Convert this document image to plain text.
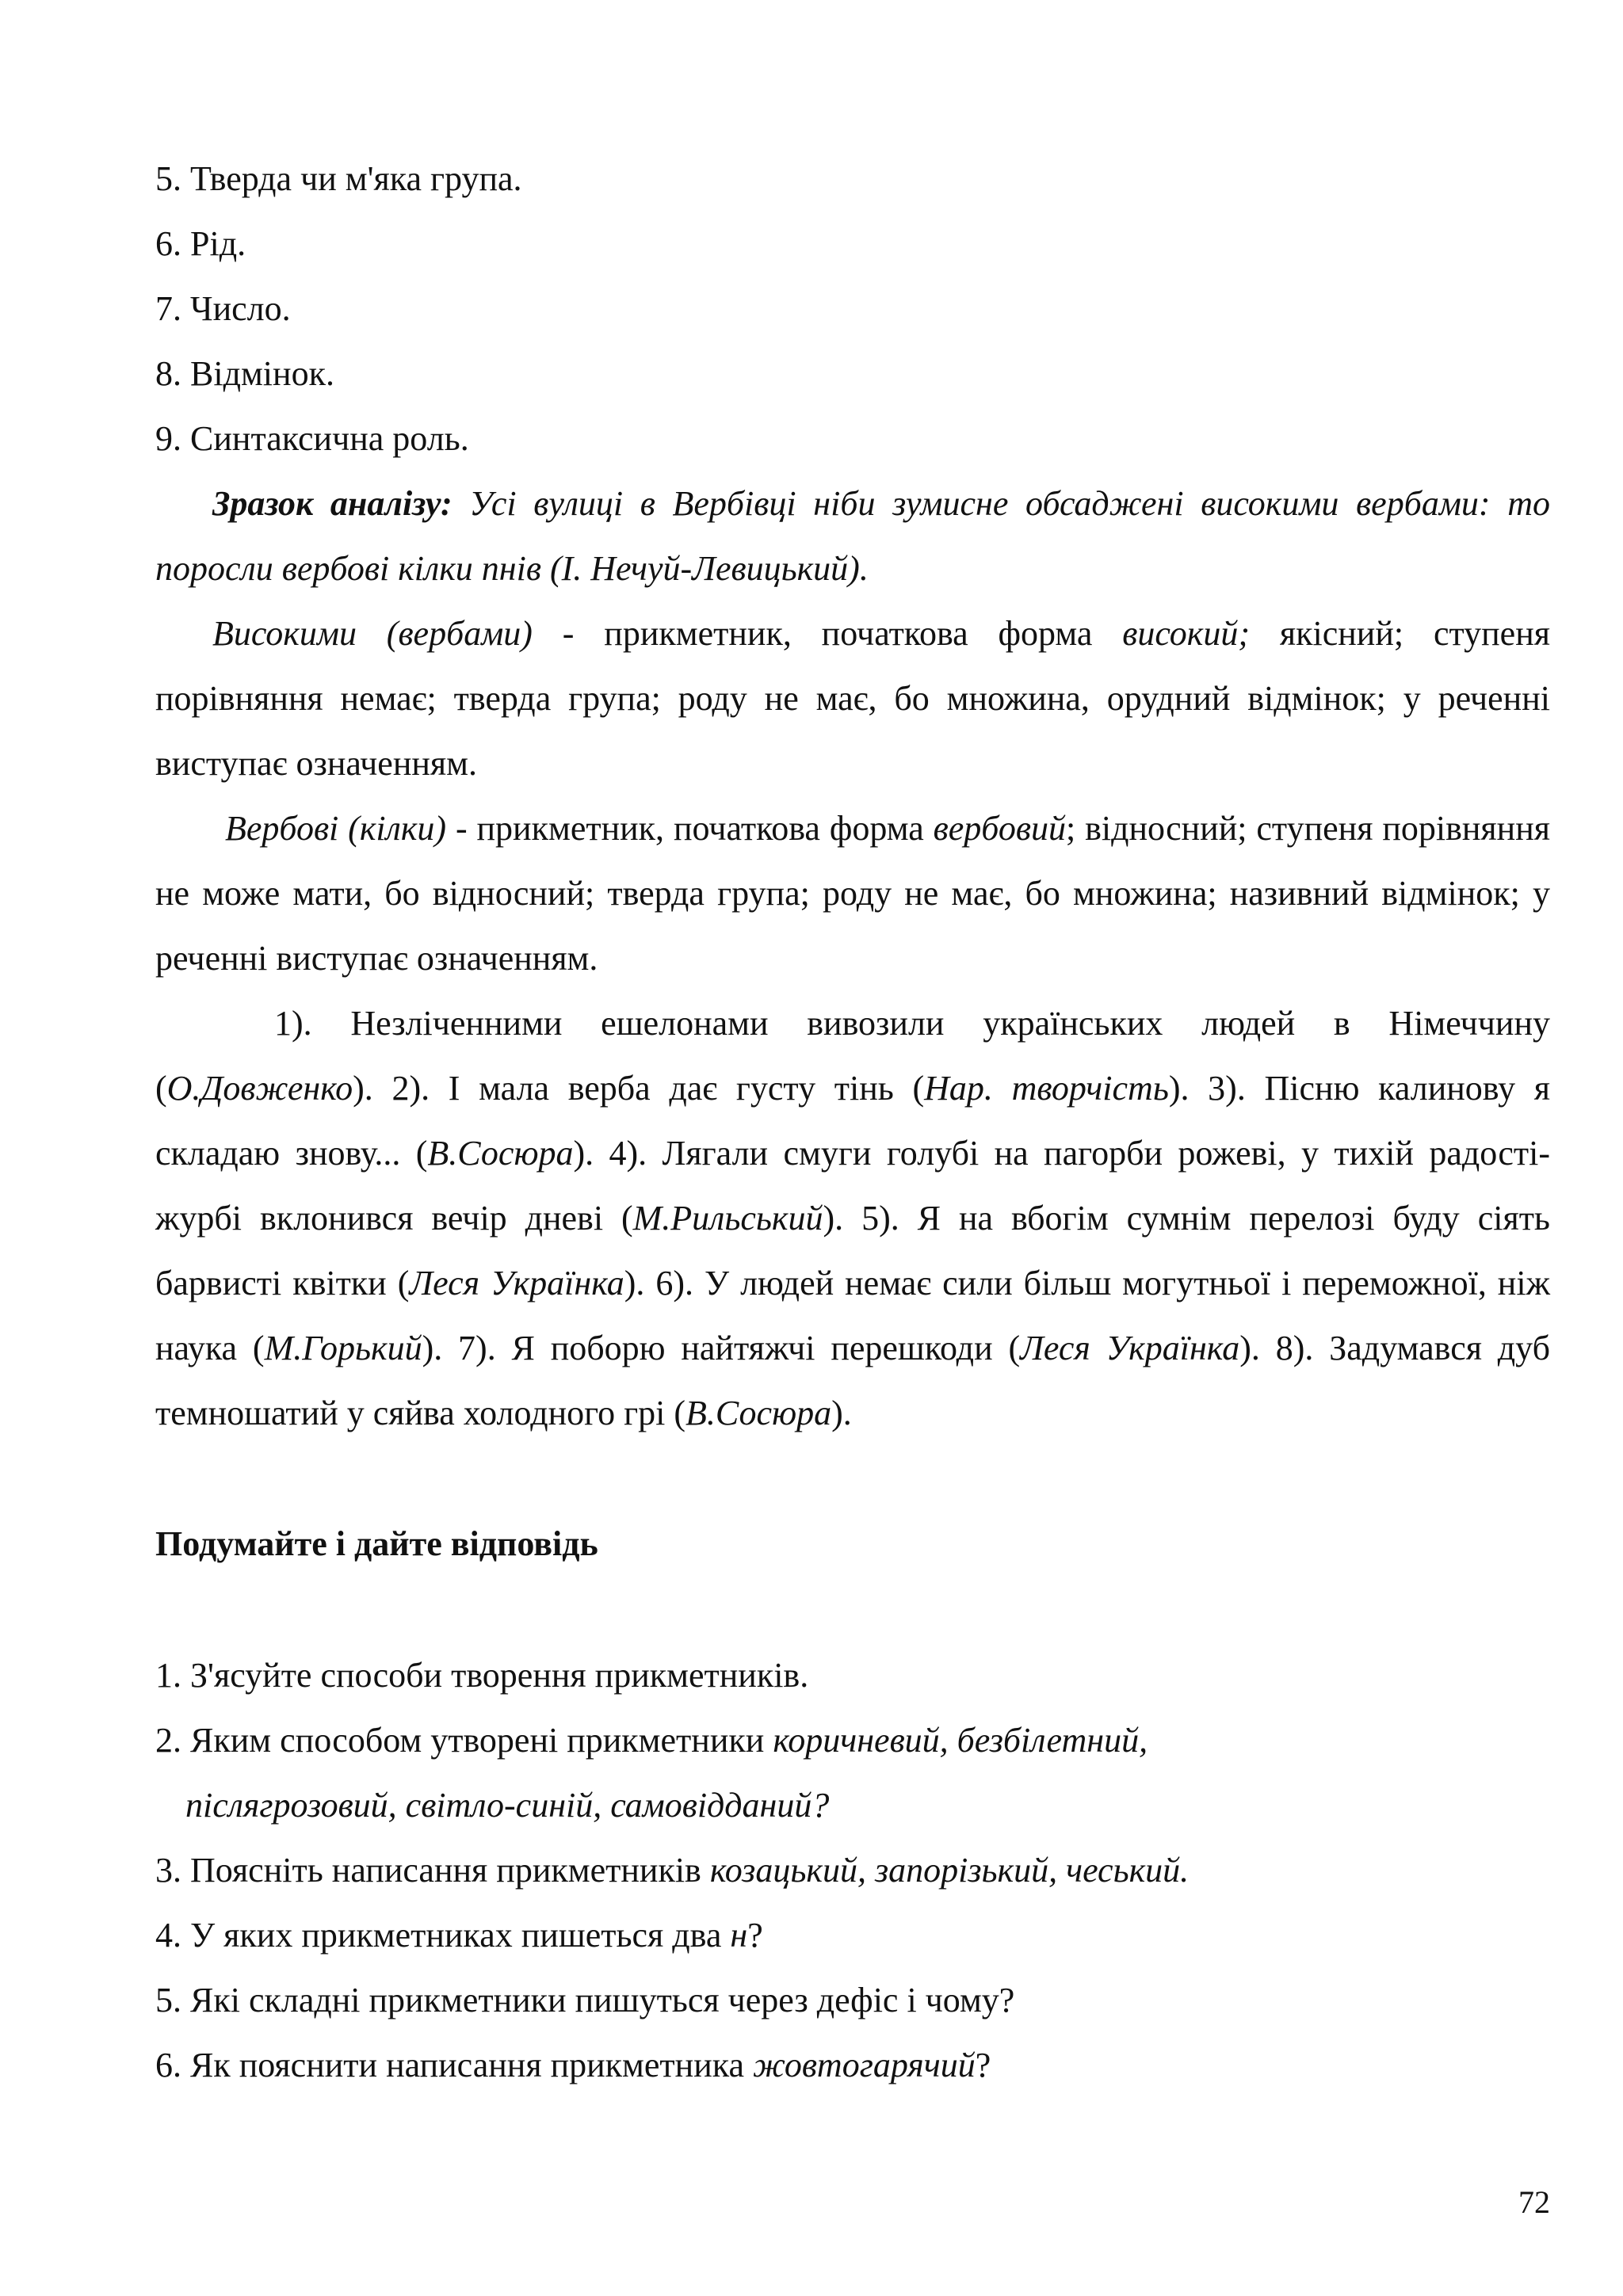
5. Тверда чи м'яка група.

6. Рід.

7. Число.

8. Відмінок.

9. Синтаксична роль.

Зразок аналізу: Усі вулиці в Вербівці ніби зумисне обсаджені високими вербами: то поросли вербові кілки пнів (І. Нечуй-Левицький).

Високими (вербами) - прикметник, початкова форма високий; якісний; ступеня порівняння немає; тверда група; роду не має, бо множина, орудний відмінок; у реченні виступає означенням.

Вербові (кілки) - прикметник, початкова форма вербовий; відносний; ступеня порівняння не може мати, бо відносний; тверда група; роду не має, бо множина; називний відмінок; у реченні виступає означенням.

1). Незліченними ешелонами вивозили українських людей в Німеччину (О.Довженко). 2). І мала верба дає густу тінь (Нар. творчість). 3). Пісню калинову я складаю знову... (В.Сосюра). 4). Лягали смуги голубі на пагорби рожеві, у тихій радості-журбі вклонився вечір дневі (М.Рильський). 5). Я на вбогім сумнім перелозі буду сіять барвисті квітки (Леся Українка). 6). У людей немає сили більш могутньої і переможної, ніж наука (М.Горький). 7). Я поборю найтяжчі перешкоди (Леся Українка). 8). Задумався дуб темношатий у сяйва холодного грі (В.Сосюра).

Подумайте і дайте відповідь

1. З'ясуйте способи творення прикметників.

2. Яким способом утворені прикметники коричневий, безбілетний,

післягрозовий, світло-синій, самовідданий?

3. Поясніть написання прикметників козацький, запорізький, чеський.

4. У яких прикметниках пишеться два н?

5. Які складні прикметники пишуться через дефіс і чому?

6. Як пояснити написання прикметника жовтогарячий?

72
